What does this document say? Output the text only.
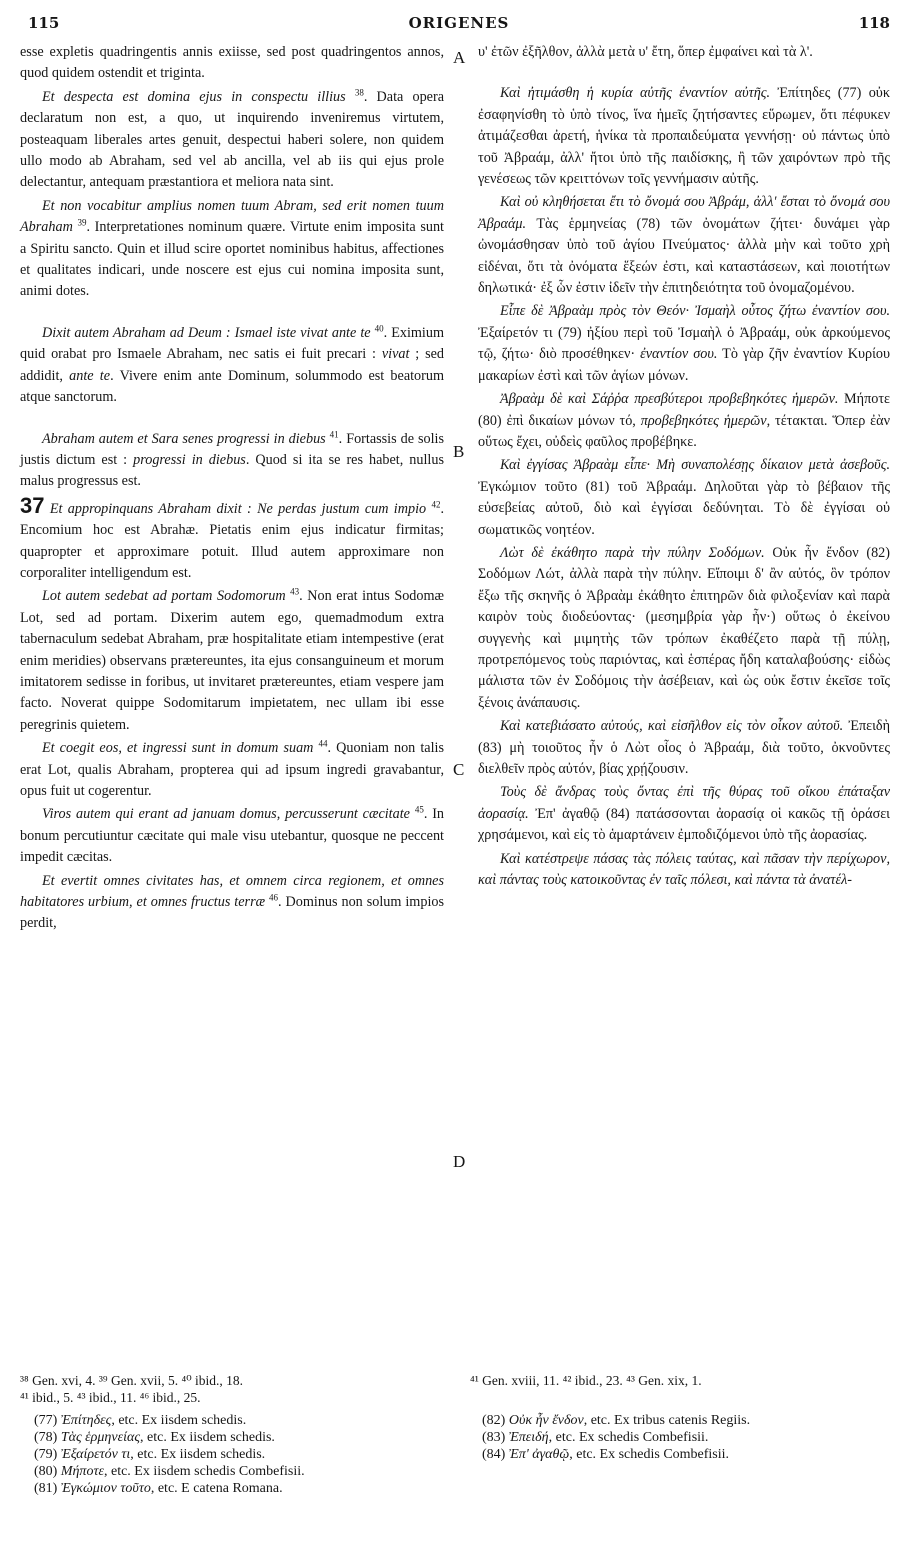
115	ORIGENES	118
A
B
C
D

esse expletis quadringentis annis exiisse, sed post quadringentos annos, quod quidem ostendit et triginta.

Et despecta est domina ejus in conspectu illius $^{38}$. Data opera declaratum non est, a quo, ut inquirendo inveniremus virtutem, posteaquam liberales artes genuit, despectui haberi solere, non quidem ullo modo ab Abraham, sed vel ab ancilla, vel ab iis qui ejus prole delectantur, antequam præstantiora et meliora nata sint.

Et non vocabitur amplius nomen tuum Abram, sed erit nomen tuum Abraham $^{39}$. Interpretationes nominum quære. Virtute enim imposita sunt a Spiritu sancto. Quin et illud scire oportet nominibus habitus, affectiones et qualitates indicari, unde noscere est ejus cui nomina imposita sunt, animi dotes.

Dixit autem Abraham ad Deum : Ismael iste vivat ante te $^{40}$. Eximium quid orabat pro Ismaele Abraham, nec satis ei fuit precari : vivat ; sed addidit, ante te. Vivere enim ante Dominum, solummodo est beatorum atque sanctorum.

Abraham autem et Sara senes progressi in diebus $^{41}$. Fortassis de solis justis dictum est : progressi in diebus. Quod si ita se res habet, nullus malus progressus est.

37 Et appropinquans Abraham dixit : Ne perdas justum cum impio $^{42}$. Encomium hoc est Abrahæ. Pietatis enim ejus indicatur firmitas; quapropter et approximare potuit. Illud autem approximare non corporaliter intelligendum est.

Lot autem sedebat ad portam Sodomorum $^{43}$. Non erat intus Sodomæ Lot, sed ad portam. Dixerim autem ego, quemadmodum extra tabernaculum sedebat Abraham, præ hospitalitate etiam intempestive (erat enim meridies) observans prætereuntes, ita ejus consanguineum et morum imitatorem sedisse in foribus, ut invitaret prætereuntes, etiam vespere jam facto. Noverat quippe Sodomitarum impietatem, nec ullam ibi esse peregrinis quietem.

Et coegit eos, et ingressi sunt in domum suam $^{44}$. Quoniam non talis erat Lot, qualis Abraham, propterea qui ad ipsum ingredi gravabantur, opus fuit ut cogerentur.

Viros autem qui erant ad januam domus, percusserunt cæcitate $^{45}$. In bonum percutiuntur cæcitate qui male visu utebantur, quosque ne peccent impedit cæcitas.

Et evertit omnes civitates has, et omnem circa regionem, et omnes habitatores urbium, et omnes fructus terræ $^{46}$. Dominus non solum impios perdit,

υ' ἐτῶν ἐξῆλθον, ἀλλὰ μετὰ υ' ἔτη, ὅπερ ἐμφαίνει καὶ τὰ λ'.

Καὶ ἠτιμάσθη ἡ κυρία αὐτῆς ἐναντίον αὐτῆς. Ἐπίτηδες (77) οὐκ ἐσαφηνίσθη τὸ ὑπὸ τίνος, ἵνα ἡμεῖς ζητήσαντες εὕρωμεν, ὅτι πέφυκεν ἀτιμάζεσθαι ἀρετή, ἡνίκα τὰ προπαιδεύματα γεννήσῃ· οὐ πάντως ὑπὸ τοῦ Ἀβραάμ, ἀλλ' ἤτοι ὑπὸ τῆς παιδίσκης, ἢ τῶν χαιρόντων πρὸ τῆς γενέσεως τῶν κρειττόνων τοῖς γεννήμασιν αὐτῆς.

Καὶ οὐ κληθήσεται ἔτι τὸ ὄνομά σου Ἀβράμ, ἀλλ' ἔσται τὸ ὄνομά σου Ἀβραάμ. Τὰς ἑρμηνείας (78) τῶν ὀνομάτων ζήτει· δυνάμει γὰρ ὠνομάσθησαν ὑπὸ τοῦ ἁγίου Πνεύματος· ἀλλὰ μὴν καὶ τοῦτο χρὴ εἰδέναι, ὅτι τὰ ὀνόματα ἕξεών ἐστι, καὶ καταστάσεων, καὶ ποιοτήτων δηλωτικά· ἐξ ὧν ἐστιν ἰδεῖν τὴν ἐπιτηδειότητα τοῦ ὀνομαζομένου.

Εἶπε δὲ Ἀβραὰμ πρὸς τὸν Θεόν· Ἰσμαὴλ οὗτος ζήτω ἐναντίον σου. Ἐξαίρετόν τι (79) ἠξίου περὶ τοῦ Ἰσμαὴλ ὁ Ἀβραάμ, οὐκ ἀρκούμενος τῷ, ζήτω· διὸ προσέθηκεν· ἐναντίον σου. Τὸ γὰρ ζῆν ἐναντίον Κυρίου μακαρίων ἐστὶ καὶ τῶν ἁγίων μόνων.

Ἀβραὰμ δὲ καὶ Σάῤῥα πρεσβύτεροι προβεβηκότες ἡμερῶν. Μήποτε (80) ἐπὶ δικαίων μόνων τό, προβεβηκότες ἡμερῶν, τέτακται. Ὅπερ ἐὰν οὕτως ἔχει, οὐδεὶς φαῦλος προβέβηκε.

Καὶ ἐγγίσας Ἀβραὰμ εἶπε· Μὴ συναπολέσῃς δίκαιον μετὰ ἀσεβοῦς. Ἐγκώμιον τοῦτο (81) τοῦ Ἀβραάμ. Δηλοῦται γὰρ τὸ βέβαιον τῆς εὐσεβείας αὐτοῦ, διὸ καὶ ἐγγίσαι δεδύνηται. Τὸ δὲ ἐγγίσαι οὐ σωματικῶς νοητέον.

Λὼτ δὲ ἐκάθητο παρὰ τὴν πύλην Σοδόμων. Οὐκ ἦν ἔνδον (82) Σοδόμων Λώτ, ἀλλὰ παρὰ τὴν πύλην. Εἴποιμι δ' ἂν αὐτός, ὃν τρόπον ἔξω τῆς σκηνῆς ὁ Ἀβραὰμ ἐκάθητο ἐπιτηρῶν διὰ φιλοξενίαν καὶ παρὰ καιρὸν τοὺς διοδεύοντας· (μεσημβρία γὰρ ἦν·) οὕτως ὁ ἐκείνου συγγενὴς καὶ μιμητὴς τῶν τρόπων ἐκαθέζετο παρὰ τῇ πύλῃ, προτρεπόμενος τοὺς παριόντας, καὶ ἑσπέρας ἤδη καταλαβούσης· εἰδὼς μάλιστα τῶν ἐν Σοδόμοις τὴν ἀσέβειαν, καὶ ὡς οὐκ ἔστιν ἐκεῖσε τοῖς ξένοις ἀνάπαυσις.

Καὶ κατεβιάσατο αὐτούς, καὶ εἰσῆλθον εἰς τὸν οἶκον αὐτοῦ. Ἐπειδὴ (83) μὴ τοιοῦτος ἦν ὁ Λὼτ οἷος ὁ Ἀβραάμ, διὰ τοῦτο, ὀκνοῦντες διελθεῖν πρὸς αὐτόν, βίας χρῄζουσιν.

Τοὺς δὲ ἄνδρας τοὺς ὄντας ἐπὶ τῆς θύρας τοῦ οἴκου ἐπάταξαν ἀορασίᾳ. Ἐπ' ἀγαθῷ (84) πατάσσονται ἀορασίᾳ οἱ κακῶς τῇ ὁράσει χρησάμενοι, καὶ εἰς τὸ ἁμαρτάνειν ἐμποδιζόμενοι ὑπὸ τῆς ἀορασίας.

Καὶ κατέστρεψε πάσας τὰς πόλεις ταύτας, καὶ πᾶσαν τὴν περίχωρον, καὶ πάντας τοὺς κατοικοῦντας ἐν ταῖς πόλεσι, καὶ πάντα τὰ ἀνατέλ-

³⁸ Gen. xvi, 4. ³⁹ Gen. xvii, 5. ⁴⁰ ibid., 18.
⁴¹ ibid., 5. ⁴³ ibid., 11. ⁴⁶ ibid., 25.
⁴¹ Gen. xviii, 11. ⁴² ibid., 23. ⁴³ Gen. xix, 1.
(77) Ἐπίτηδες, etc. Ex iisdem schedis.
(78) Τὰς ἑρμηνείας, etc. Ex iisdem schedis.
(79) Ἐξαίρετόν τι, etc. Ex iisdem schedis.
(80) Μήποτε, etc. Ex iisdem schedis Combefisii.
(81) Ἐγκώμιον τοῦτο, etc. E catena Romana.
(82) Οὐκ ἦν ἔνδον, etc. Ex tribus catenis Regiis.
(83) Ἐπειδή, etc. Ex schedis Combefisii.
(84) Ἐπ' ἀγαθῷ, etc. Ex schedis Combefisii.
